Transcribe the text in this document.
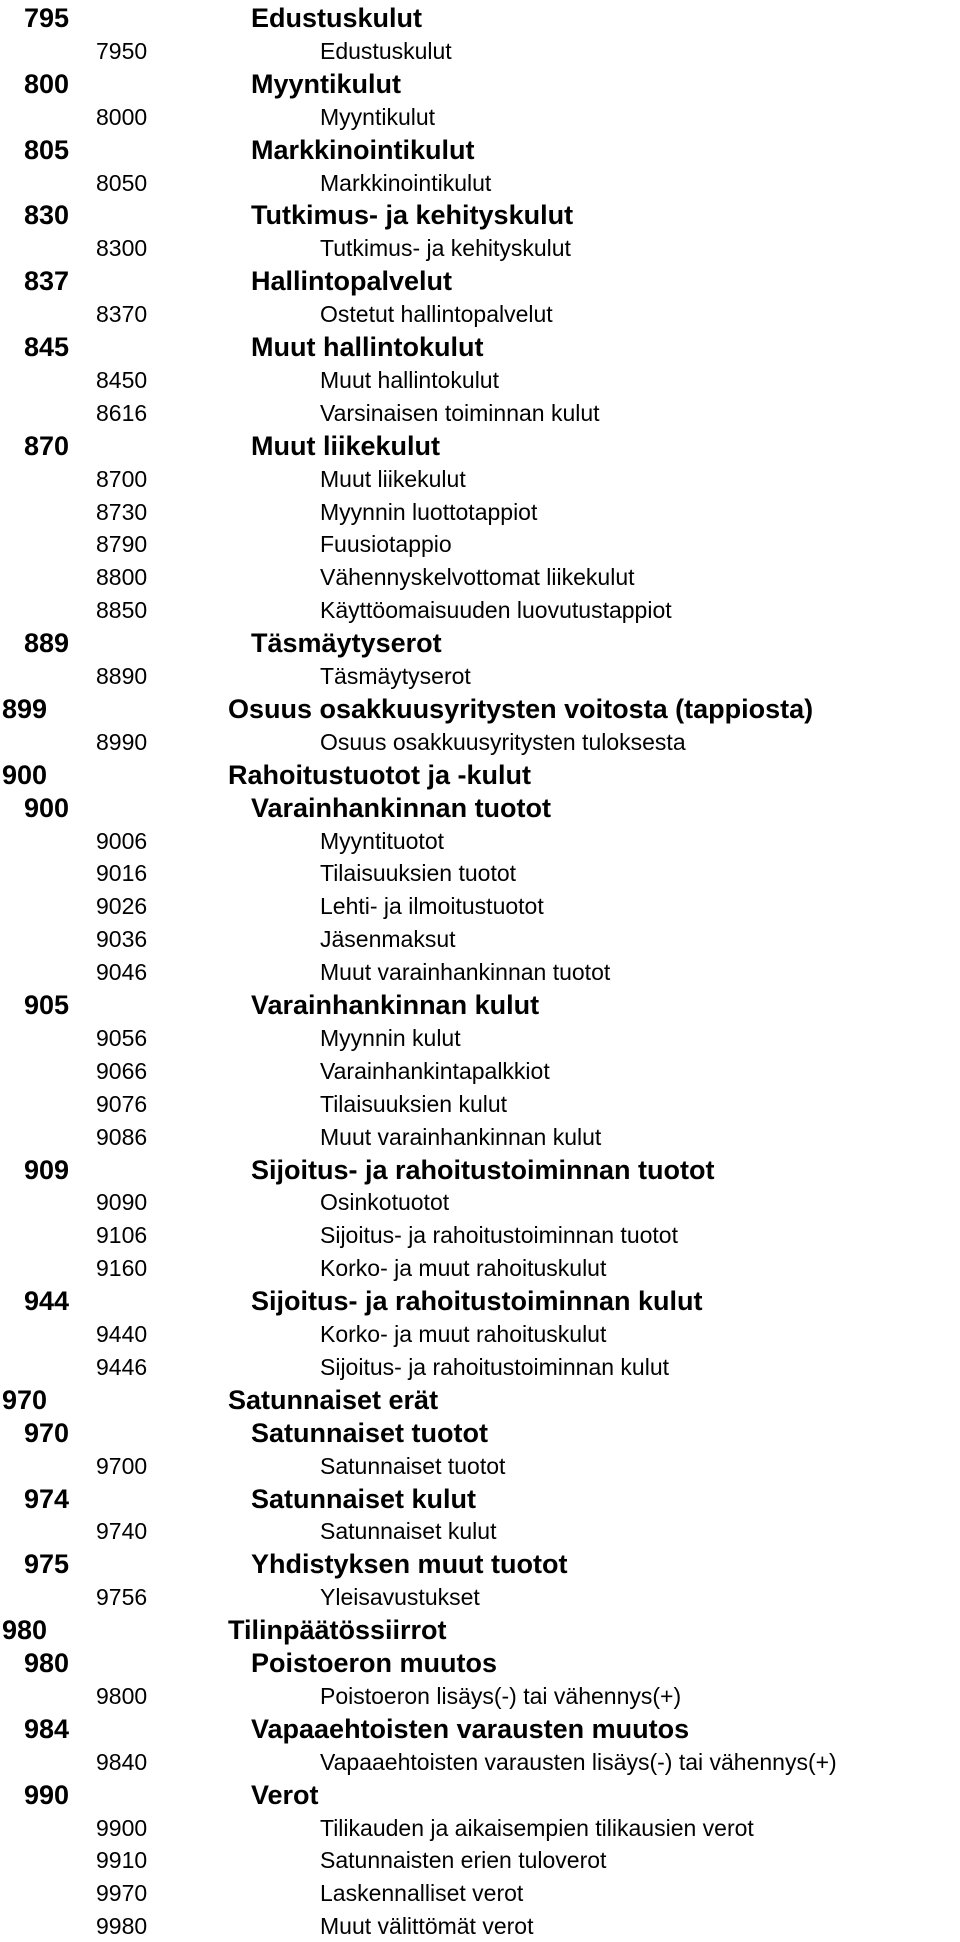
795	Edustuskulut
7950	Edustuskulut
800	Myyntikulut
8000	Myyntikulut
805	Markkinointikulut
8050	Markkinointikulut
830	Tutkimus- ja kehityskulut
8300	Tutkimus- ja kehityskulut
837	Hallintopalvelut
8370	Ostetut hallintopalvelut
845	Muut hallintokulut
8450	Muut hallintokulut
8616	Varsinaisen toiminnan kulut
870	Muut liikekulut
8700	Muut liikekulut
8730	Myynnin luottotappiot
8790	Fuusiotappio
8800	Vähennyskelvottomat liikekulut
8850	Käyttöomaisuuden luovutustappiot
889	Täsmäytyserot
8890	Täsmäytyserot
899	Osuus osakkuusyritysten voitosta (tappiosta)
8990	Osuus osakkuusyritysten tuloksesta
900	Rahoitustuotot ja -kulut
900	Varainhankinnan tuotot
9006	Myyntituotot
9016	Tilaisuuksien tuotot
9026	Lehti- ja ilmoitustuotot
9036	Jäsenmaksut
9046	Muut varainhankinnan tuotot
905	Varainhankinnan kulut
9056	Myynnin kulut
9066	Varainhankintapalkkiot
9076	Tilaisuuksien kulut
9086	Muut varainhankinnan kulut
909	Sijoitus- ja rahoitustoiminnan tuotot
9090	Osinkotuotot
9106	Sijoitus- ja rahoitustoiminnan tuotot
9160	Korko- ja muut rahoituskulut
944	Sijoitus- ja rahoitustoiminnan kulut
9440	Korko- ja muut rahoituskulut
9446	Sijoitus- ja rahoitustoiminnan kulut
970	Satunnaiset erät
970	Satunnaiset tuotot
9700	Satunnaiset tuotot
974	Satunnaiset kulut
9740	Satunnaiset kulut
975	Yhdistyksen muut tuotot
9756	Yleisavustukset
980	Tilinpäätössiirrot
980	Poistoeron muutos
9800	Poistoeron lisäys(-) tai vähennys(+)
984	Vapaaehtoisten varausten muutos
9840	Vapaaehtoisten varausten lisäys(-) tai vähennys(+)
990	Verot
9900	Tilikauden ja aikaisempien tilikausien verot
9910	Satunnaisten erien tuloverot
9970	Laskennalliset verot
9980	Muut välittömät verot
